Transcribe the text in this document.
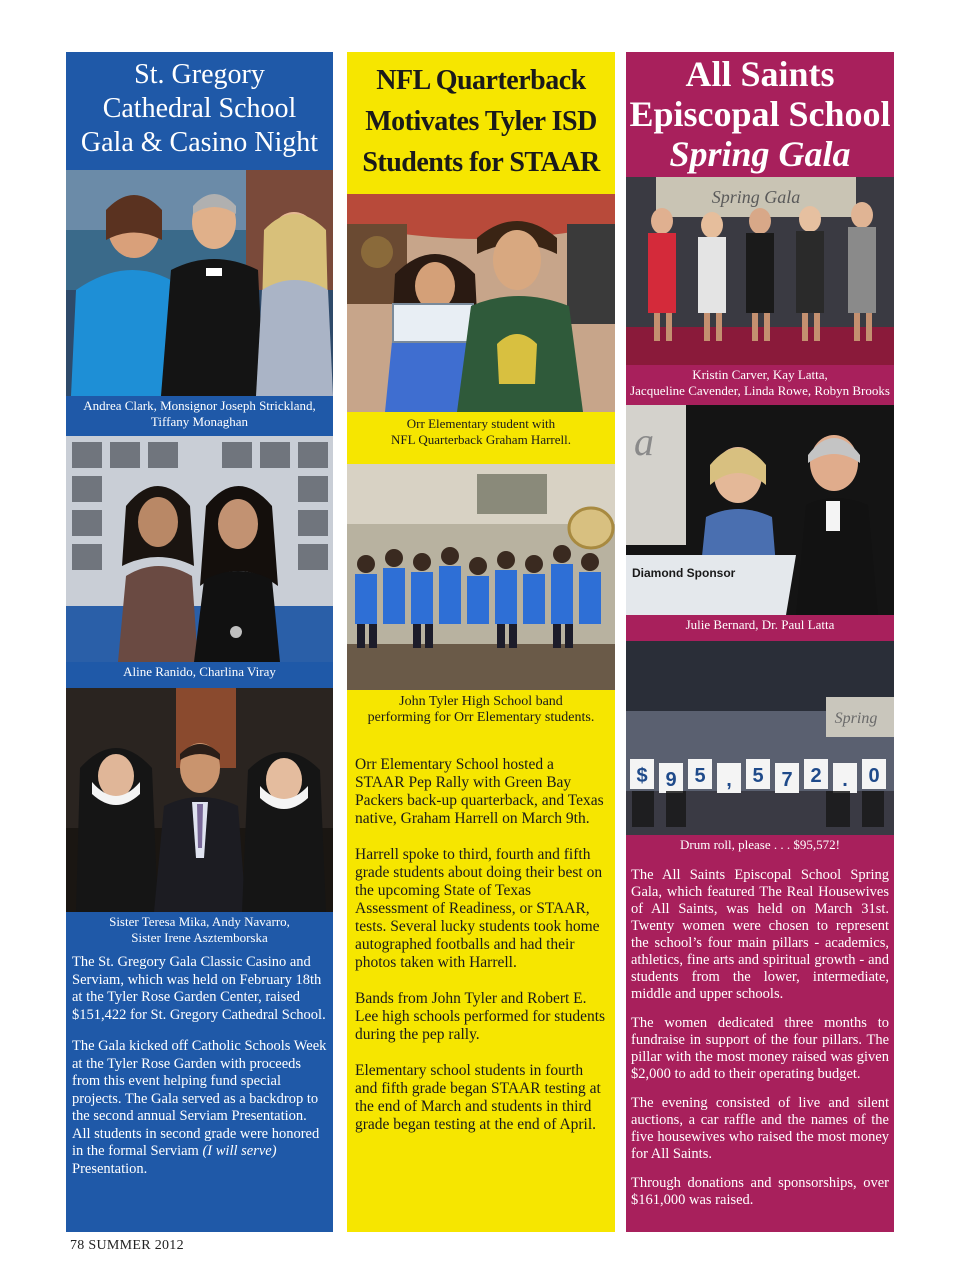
St. Gregory
Cathedral School
Gala & Casino Night
Andrea Clark, Monsignor Joseph Strickland,
Tiffany Monaghan
Aline Ranido, Charlina Viray
Sister Teresa Mika, Andy Navarro,
Sister Irene Asztemborska

The St. Gregory Gala Classic Casino and Serviam, which was held on February 18th at the Tyler Rose Garden Center, raised $151,422 for St. Gregory Cathedral School.

The Gala kicked off Catholic Schools Week at the Tyler Rose Garden with proceeds from this event helping fund special projects. The Gala served as a backdrop to the second annual Serviam Presentation. All students in second grade were honored in the formal Serviam (I will serve) Presentation.

NFL Quarterback
Motivates Tyler ISD
Students for STAAR
Orr Elementary student with
NFL Quarterback Graham Harrell.
John Tyler High School band
performing for Orr Elementary students.

Orr Elementary School hosted a STAAR Pep Rally with Green Bay Packers back-up quarterback, and Texas native, Graham Harrell on March 9th.

Harrell spoke to third, fourth and fifth grade students about doing their best on the upcoming State of Texas Assessment of Readiness, or STAAR, tests. Several lucky students took home autographed footballs and had their photos taken with Harrell.

Bands from John Tyler and Robert E. Lee high schools performed for students during the pep rally.

Elementary school students in fourth and fifth grade began STAAR testing at the end of March and students in third grade began testing at the end of April.

All Saints
Episcopal School
Spring Gala
Spring Gala
Kristin Carver, Kay Latta,
Jacqueline Cavender, Linda Rowe, Robyn Brooks
a
Diamond Sponsor
Julie Bernard, Dr. Paul Latta
Spring
$ 9 5 , 5 7 2 . 0
Drum roll, please . . . $95,572!

The All Saints Episcopal School Spring Gala, which featured The Real Housewives of All Saints, was held on March 31st. Twenty women were chosen to represent the school’s four main pillars - academics, athletics, fine arts and spiritual growth - and students from the lower, intermediate, middle and upper schools.

The women dedicated three months to fundraise in support of the four pillars. The pillar with the most money raised was given $2,000 to add to their operating budget.

The evening consisted of live and silent auctions, a car raffle and the names of the five housewives who raised the most money for All Saints.

Through donations and sponsorships, over $161,000 was raised.

78 SUMMER 2012
